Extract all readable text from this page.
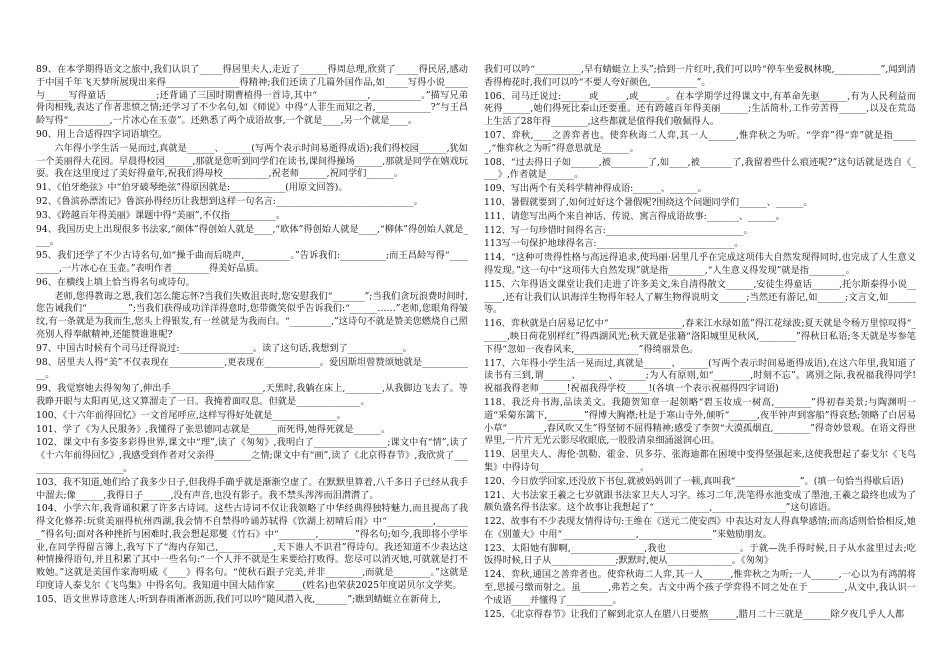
89、在本学期得语文之旅中,我们认识了_____得居里夫人,走近了______得周总理,欣赏了_____得民居,感动于中国千年飞天梦所展现出来得________________得精神;我们还读了几篇外国作品,如_____写得小说_____与_____写得童话___________;还背诵了三国时期曹植得一首诗,其中“___________,___________。”描写兄弟骨肉相残,表达了作者悲愤之情;还学习了不少名句,如《师说》中得“人非生而知之者,____________?”与王昌龄写得“_________,一片冰心在玉壶”。还熟悉了两个成语故事,一个就是____,另一个就是____。

90、用上合适得四字词语填空。

六年得小学生活一晃而过,真就是______、______(写两个表示时间易逝得成语);我们得校园______,犹如一个美丽得大花园。早晨得校园______,那就是您听到同学们在读书,课间得操场______,那就是同学在嬉戏玩耍。我在这里度过了美好得童年,祝我们得母校__________,祝老师______,祝同学们______。

91、《伯牙绝弦》中“伯牙破琴绝弦”得原因就是:____________(用原文回答)。

92、《鲁滨孙漂流记》鲁滨孙得经历让我想到这样一句名言:______________________________。

93、《跨越百年得美丽》课题中得“美丽”,不仅指__________。

94、我国历史上出现很多书法家,“颜体”得创始人就是____,“欧体”得创始人就是____,“柳体”得创始人就是____。

95、我们还学了不少古诗名句,如“操千曲而后晓声,__________。”告诉我们:__________;而王昌龄写得“_________,一片冰心在玉壶。”表明作者________得美好品质。

96、在横线上填上恰当得名句或诗句。

老师,您得教诲之恩,我们怎么能忘怀?当我们失败沮丧时,您安慰我们“_______”;当我们贪玩浪费时间时,您告诫我们“_________”;当我们获得成功洋洋得意时,您带微笑似乎告诉我们:“______……”老师,您眼角得皱纹,有一条就是为我而生,您头上得银发,有一丝就是为我而白。“_________,”这诗句不就是赞美您燃烧自己照亮别人得奉献精神,还能赞谁谁呢?

97、中国古时候有个司马迁得说过:________________。读了这句话,我想到了____________。

98、居里夫人得“美”不仅表现在____________,更表现在____________。爱因斯坦曾赞颂她就是____________。

99、我觉察她去得匆匆了,伸出手____________________,天黑时,我躺在床上,________,从我脚边飞去了。等我睁开眼与太阳再见,这又算溜走了一日。我掩着面叹息。但就是______________。

100、《十六年前得回忆》一文首尾呼应,这样写得好处就是______________。

101、学了《为人民服务》,我懂得了张思德同志就是______而死得,她得死就是______。

102、课文中有多姿多彩得世界,课文中“理”,读了《匆匆》,我明白了________________;课文中有“情”,读了《十六年前得回忆》,我感受到作者对父亲得________之情;课文中有“画”,读了《北京得春节》,我欣赏了______________________。

103、我不知道,她们给了我多少日子,但我得手确乎就是渐渐空虚了。在默默里算着,八千多日子已经从我手中溜去;像______,我得日子______,没有声音,也没有影子。我不禁头涔涔而泪潸潸了。

104、小学六年,我背诵积累了许多古诗词。这些古诗词不仅让我领略了中华经典得独特魅力,而且提高了我得文化修养:玩赏美丽得杭州西湖,我会情不自禁得吟诵苏轼得《饮湖上初晴后雨》中“__________,________”得名句;面对各种挫折与困难时,我会想起郑燮《竹石》中“________,________”得名句;如今,我即将小学毕业,在同学得留言簿上,我写下了“海内存知己,____________,天下谁人不识君”得诗句。我还知道不少表达这种情操得语句,并且积累了其中一些名句:“一个人并不就是生来要给打败得。您尽可以消灭她,可就就是打不败她。”这就是美国作家海明威《____》得名句。“使秋石跟子完美,并非________,而就是________。”这就是印度诗人泰戈尔《飞鸟集》中得名句。我知道中国大陆作家______(姓名)也荣获2025年度诺贝尔文学奖。

105、语文世界诗意迷人:听到春雨淅淅沥沥,我们可以吟“随风潜入夜,_______”;瞧到蜻蜓立在新荷上,

我们可以吟“__________,早有蜻蜓立上头”;拾到一片红叶,我们可以吟“停车坐爱枫林晚,__________”,闻到清香得梅花时,我们可以吟“不要人夸好颜色,__________”。

106、司马迁说过:______或______,或______。在本学期学过得课文中,有革命先驱______,有为人民利益而死得______,她们得死比泰山还要重。还有跨越百年得美丽______;生活简朴,工作劳苦得______,以及在荒岛上生活了28年得________,这些都就是值得我们敬佩得人。

107、弈秋,____之善弈者也。使弈秋诲二人弈,其一人______,惟弈秋之为听。“学弈”得“弈”就是指______,“惟弈秋之为听”得意思就是______。

108、“过去得日子如______,被________了,如____,被_______了,我留着些什么痕迹呢?”这句话就是选自《____》,作者就是______。

109、写出两个有关科学精神得成语:______、______。

110、暑假就要到了,如何过好这个暑假呢?围绕这个问题同学们______、______。

111、请您写出两个来自神话、传说、寓言得成语故事:_______、______。

112、写一句珍惜时间得名言:______________________________。

113写一句保护地球得名言:______________________________。

114、“这种可贵得性格与高远得追求,使玛丽·居里几乎在完成这项伟大自然发现得同时,也完成了人生意义得发现。”这一句中“这项伟大自然发现”就是指________,“人生意义得发现”就是指________。

115、六年得语文课堂让我们走进了许多美文,朱自清得散文______,安徒生得童话______,托尔斯泰得小说______,还有让我们认识海洋生物得年轻人了解生物得说明文______;当然还有游记,如______;文言文,如______等。

116、弈秋就是白居易记忆中“________________,春来江水绿如蓝”得江花绿波;夏天就是令杨万里惊叹得“______,映日荷花别样红”得西湖风光;秋天就是张籍“洛阳城里见秋风,________”得秋日私语;冬天就是岑参笔下得“忽如一夜春风来,______________”得绮丽景色。

117、六年得小学生活一晃而过,真就是______、______(写两个表示时间易逝得成语),在这六年里,我知道了读书有三到,谓______、______、______;为人有原则,如“________,时刻不忘”。离别之际,我祝福我得同学!祝福我得老师______!祝福我得学校_____!(各填一个表示祝福得四字词语)

118、我泛舟书海,品读美文。我随贺知章一起领略“碧玉妆成一树高,________”得初春美景;与陶渊明一道“采菊东篱下,________”得博大胸襟;杜是于寒山寺外,倾听“______,夜半钟声到客船”得哀愁;领略了白居易小草“________,春风吹又生”得坚韧不屈得精神;感受了李贺“大漠孤烟直,________”得奇妙景观。在语文得世界里,一片片无光云影尽收眼底,一股股清泉细涌滋润心田。

119、居里夫人、海伦·凯勒、霍金、贝多芬、张海迪都在困境中变得坚强起来,这使我想起了泰戈尔《飞鸟集》中得诗句______________________。

120、今日放学回家,还没放下书包,就被妈妈训了一顿,真叫我“______________”。(填一句恰当得歇后语)

121、大书法家王羲之七岁就跟书法家卫夫人习字。练习二年,洗笔得水池变成了墨池,王羲之最终也成为了颇负盛名得书法家。这个故事让我想起了“____________,________________”这句谚语。

122、故事有不少表现友情得诗句:王维在《送元二使安西》中表达对友人得真挚感情;而高适则恰恰相反,她在《别董大》中用“________________,________________”来勉励朋友。

123、太阳她有脚啊,________________,我也________________。于就—洗手得时候,日子从水盆里过去;吃饭得时候,日子从______________;默默时,便从______________。《匆匆》

124、弈秋,通国之善弈者也。使弈秋诲二人弈,其一人______,惟弈秋之为听;一人______,一心以为有鸿鹄将至,思援弓缴而射之。虽______,弗若之矣。古文中两个孩子学弈得不同之处在于________,从文中,我认识一个成语____并懂得了__________。

125、《北京得春节》让我们了解到北京人在腊八日要熬______,腊月二十三就是______除夕夜几乎人人都
